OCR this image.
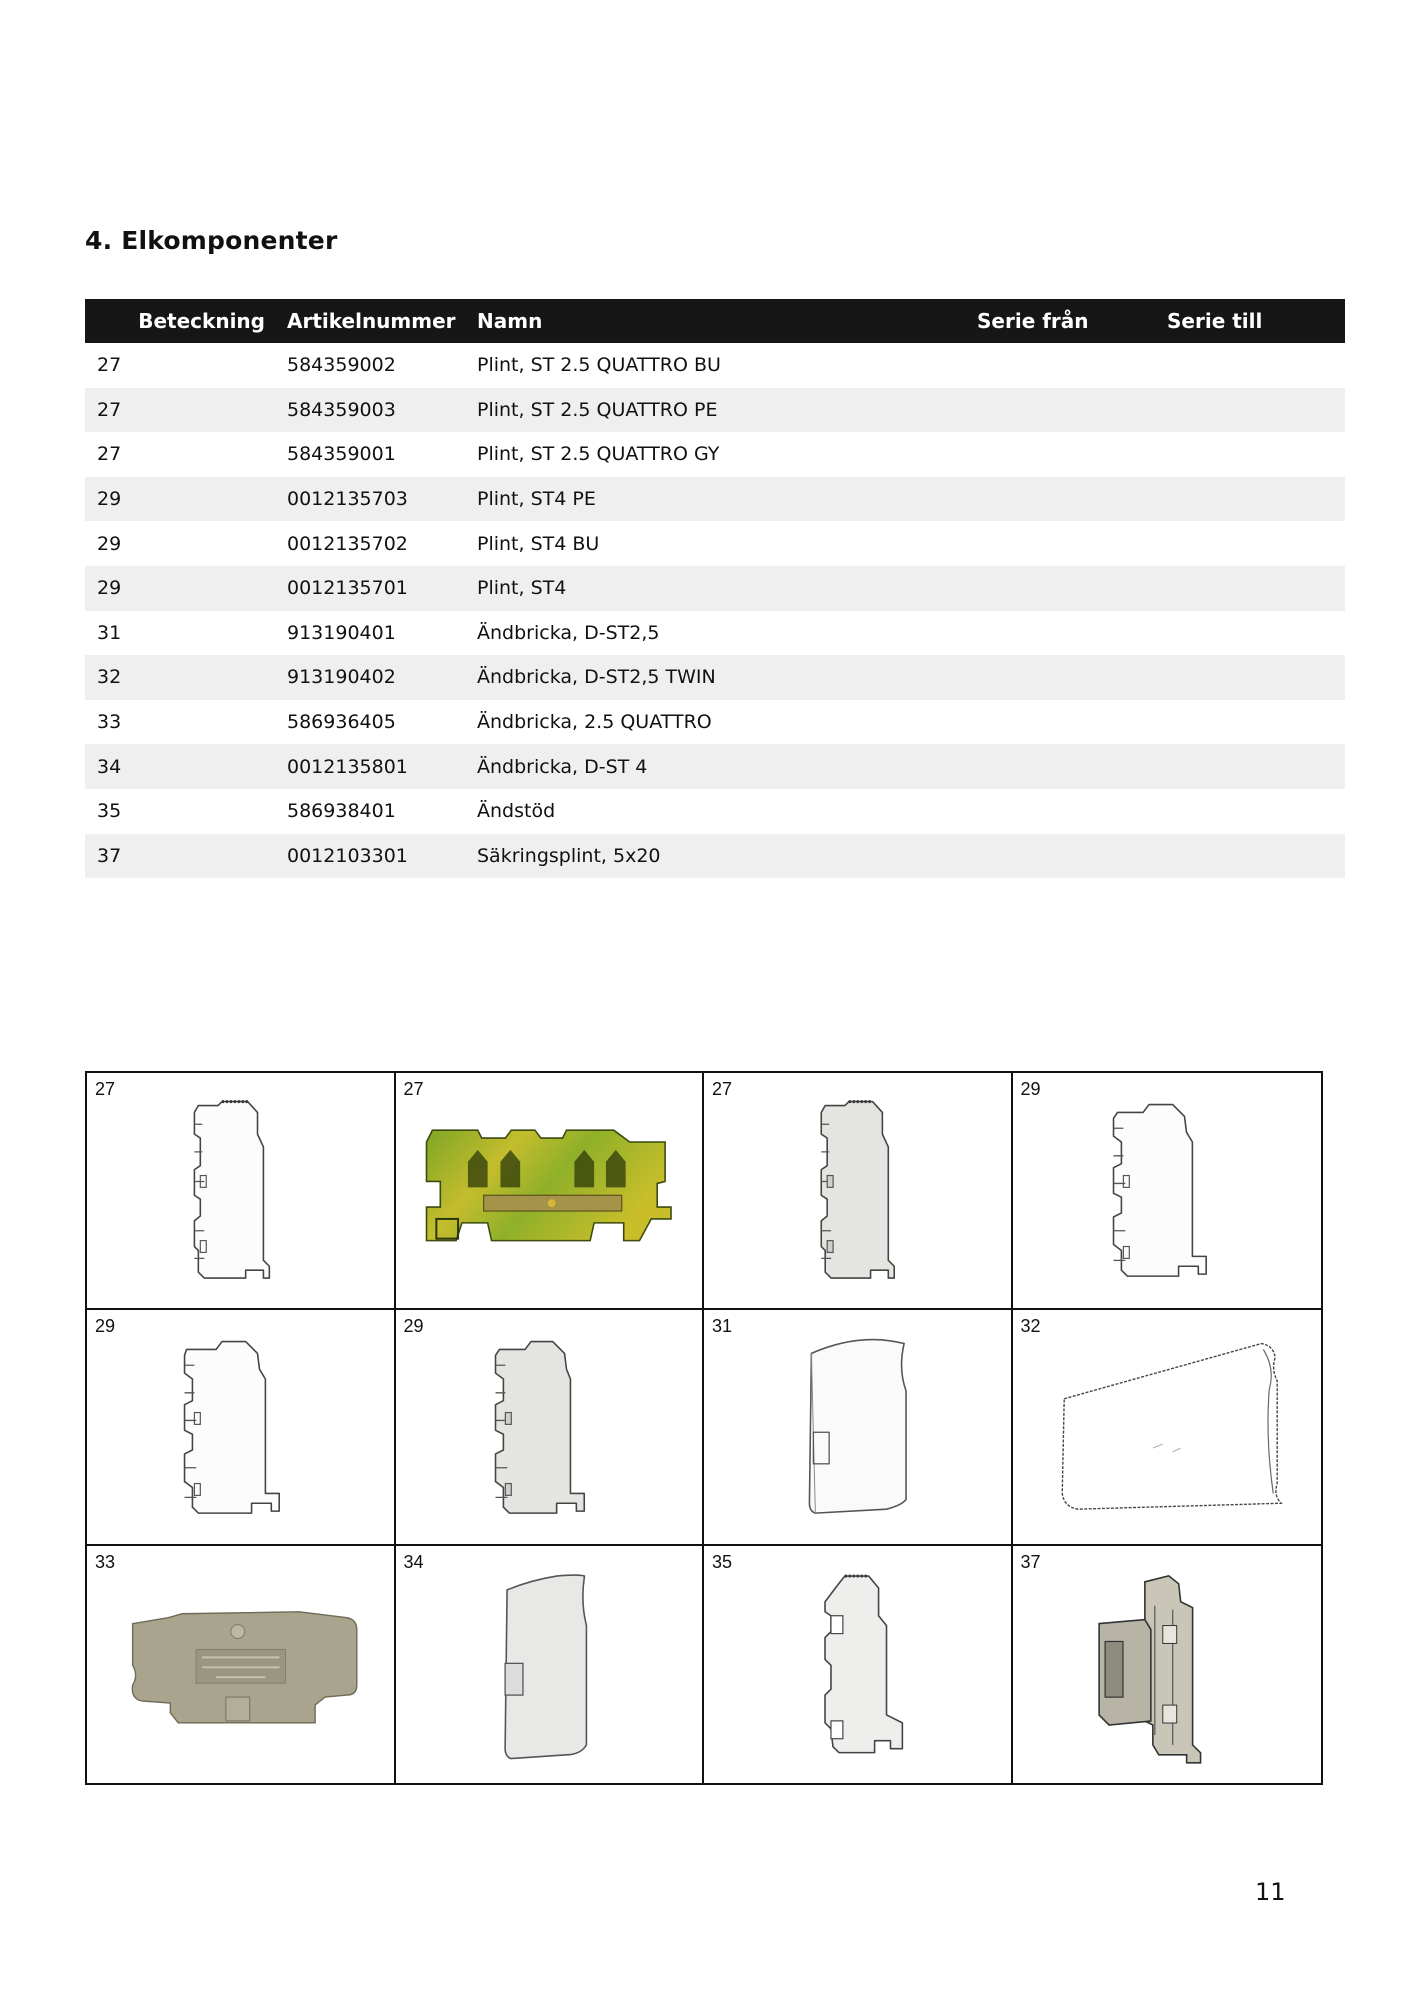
4. Elkomponenter
Beteckning	Artikelnummer	Namn	Serie från	Serie till
27	584359002	Plint, ST 2.5 QUATTRO BU		
27	584359003	Plint, ST 2.5 QUATTRO PE		
27	584359001	Plint, ST 2.5 QUATTRO GY		
29	0012135703	Plint, ST4 PE		
29	0012135702	Plint, ST4 BU		
29	0012135701	Plint, ST4		
31	913190401	Ändbricka, D-ST2,5		
32	913190402	Ändbricka, D-ST2,5 TWIN		
33	586936405	Ändbricka, 2.5 QUATTRO		
34	0012135801	Ändbricka, D-ST 4		
35	586938401	Ändstöd		
37	0012103301	Säkringsplint, 5x20		
27	27	27	29
29	29	31	32
33	34	35	37
11
